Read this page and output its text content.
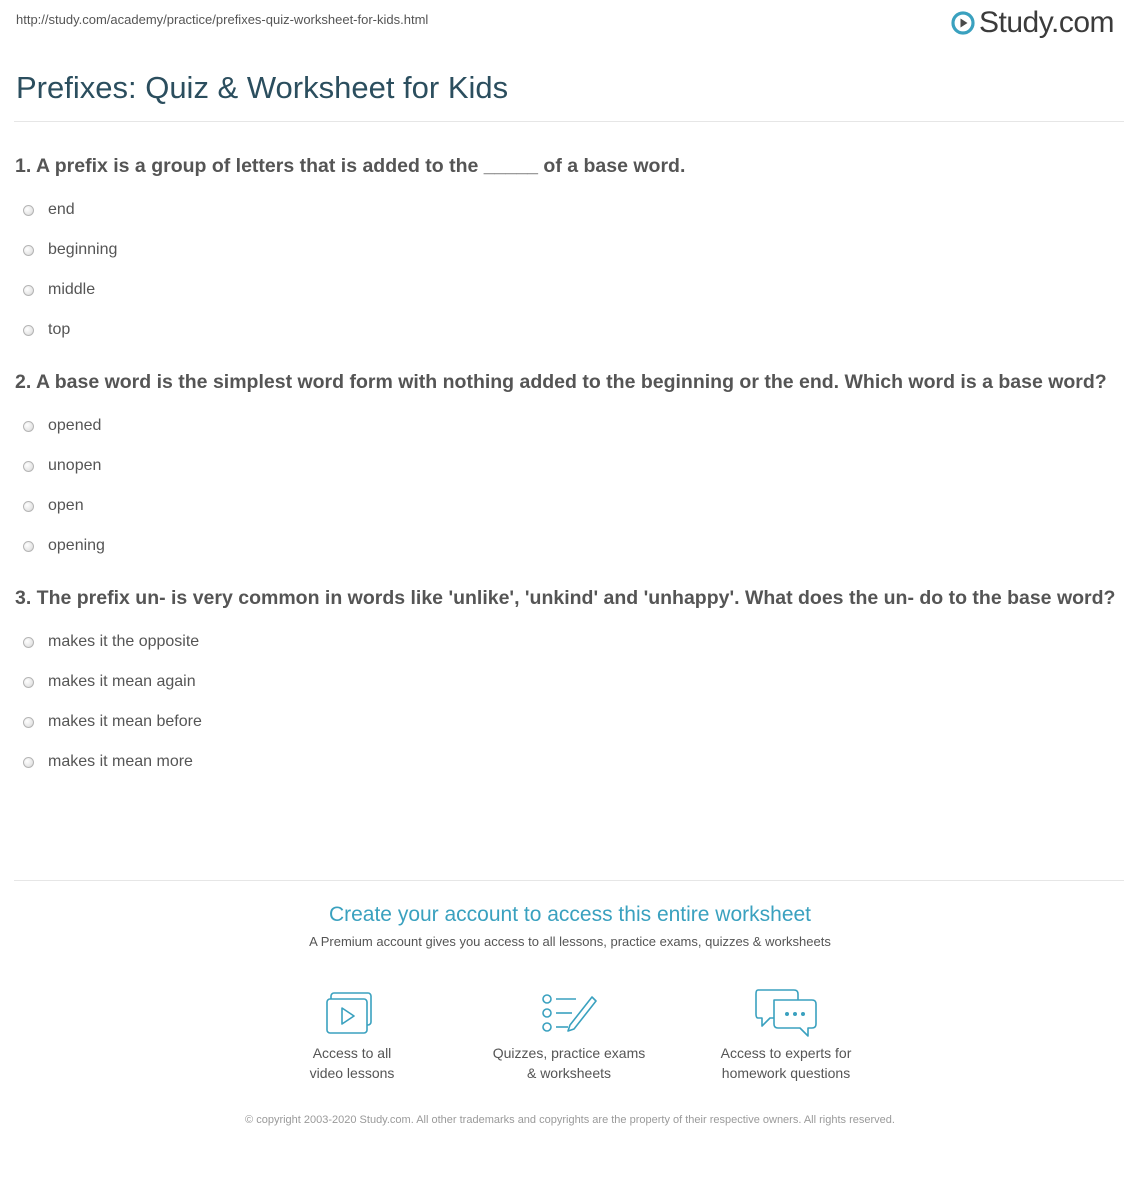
http://study.com/academy/practice/prefixes-quiz-worksheet-for-kids.html	Study.com
Prefixes: Quiz & Worksheet for Kids

1. A prefix is a group of letters that is added to the _____ of a base word.

end
beginning
middle
top

2. A base word is the simplest word form with nothing added to the beginning or the end. Which word is a base word?

opened
unopen
open
opening

3. The prefix un- is very common in words like 'unlike', 'unkind' and 'unhappy'. What does the un- do to the base word?

makes it the opposite
makes it mean again
makes it mean before
makes it mean more

Create your account to access this entire worksheet

A Premium account gives you access to all lessons, practice exams, quizzes & worksheets

Access to all
video lessons
Quizzes, practice exams
& worksheets
Access to experts for
homework questions
© copyright 2003-2020 Study.com. All other trademarks and copyrights are the property of their respective owners. All rights reserved.
